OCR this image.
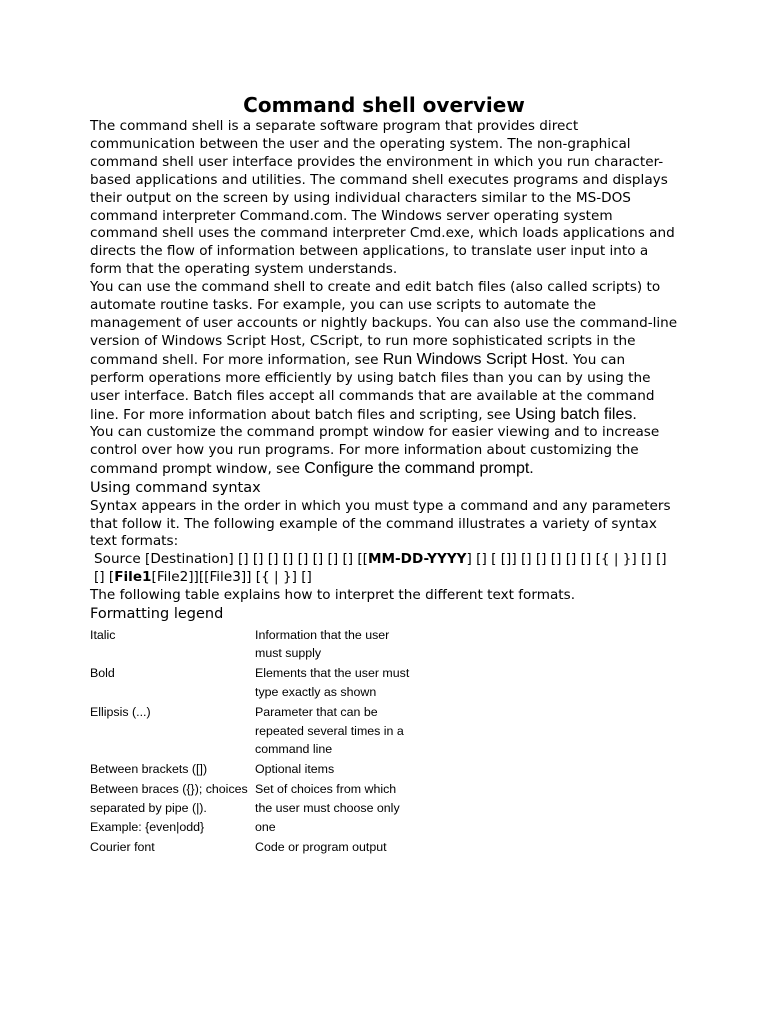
Command shell overview

The command shell is a separate software program that provides direct communication between the user and the operating system. The non-graphical command shell user interface provides the environment in which you run character-based applications and utilities. The command shell executes programs and displays their output on the screen by using individual characters similar to the MS-DOS command interpreter Command.com. The Windows server operating system command shell uses the command interpreter Cmd.exe, which loads applications and directs the flow of information between applications, to translate user input into a form that the operating system understands.

You can use the command shell to create and edit batch files (also called scripts) to automate routine tasks. For example, you can use scripts to automate the management of user accounts or nightly backups. You can also use the command-line version of Windows Script Host, CScript, to run more sophisticated scripts in the command shell. For more information, see Run Windows Script Host. You can perform operations more efficiently by using batch files than you can by using the user interface. Batch files accept all commands that are available at the command line. For more information about batch files and scripting, see Using batch files.

You can customize the command prompt window for easier viewing and to increase control over how you run programs. For more information about customizing the command prompt window, see Configure the command prompt.

Using command syntax

Syntax appears in the order in which you must type a command and any parameters that follow it. The following example of the command illustrates a variety of syntax text formats:

Source [Destination] [] [] [] [] [] [] [] [] [[MM-DD-YYYY] [] [ []] [] [] [] [] [] [{ | }] [] []
[] [File1[File2]][[File3]] [{ | }] []

The following table explains how to interpret the different text formats.

Formatting legend

Italic	Information that the user must supply
Bold	Elements that the user must type exactly as shown
Ellipsis (...)	Parameter that can be repeated several times in a command line
Between brackets ([])	Optional items
Between braces ({}); choices separated by pipe (|). Example: {even|odd}	Set of choices from which the user must choose only one
Courier font	Code or program output
